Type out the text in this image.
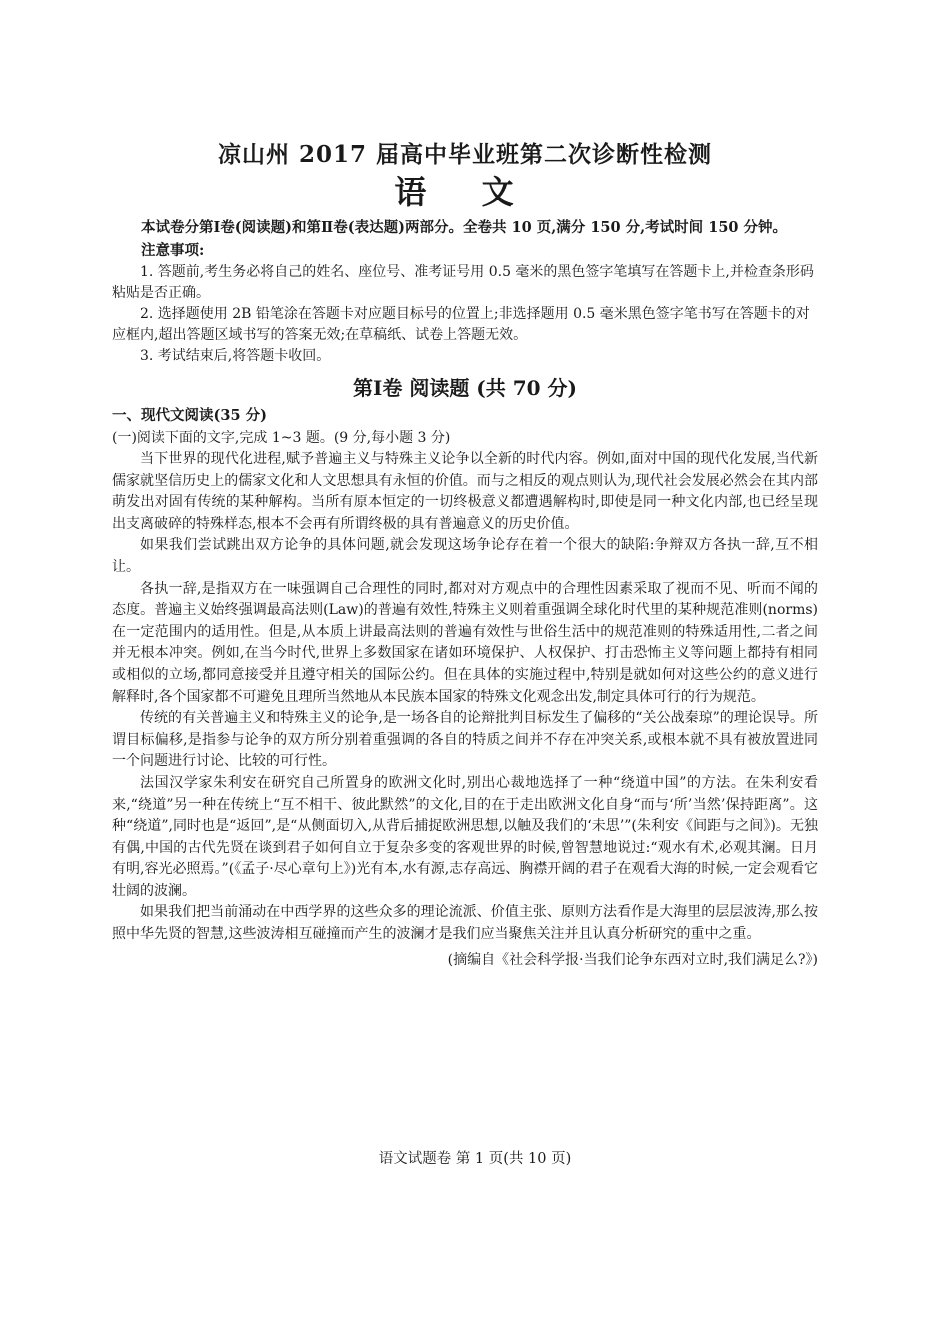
凉山州 2017 届高中毕业班第二次诊断性检测
语 文

本试卷分第Ⅰ卷(阅读题)和第Ⅱ卷(表达题)两部分。全卷共 10 页,满分 150 分,考试时间 150 分钟。

注意事项:

1. 答题前,考生务必将自己的姓名、座位号、准考证号用 0.5 毫米的黑色签字笔填写在答题卡上,并检查条形码粘贴是否正确。

2. 选择题使用 2B 铅笔涂在答题卡对应题目标号的位置上;非选择题用 0.5 毫米黑色签字笔书写在答题卡的对应框内,超出答题区域书写的答案无效;在草稿纸、试卷上答题无效。

3. 考试结束后,将答题卡收回。

第Ⅰ卷 阅读题 (共 70 分)

一、现代文阅读(35 分)

(一)阅读下面的文字,完成 1~3 题。(9 分,每小题 3 分)

当下世界的现代化进程,赋予普遍主义与特殊主义论争以全新的时代内容。例如,面对中国的现代化发展,当代新儒家就坚信历史上的儒家文化和人文思想具有永恒的价值。而与之相反的观点则认为,现代社会发展必然会在其内部萌发出对固有传统的某种解构。当所有原本恒定的一切终极意义都遭遇解构时,即使是同一种文化内部,也已经呈现出支离破碎的特殊样态,根本不会再有所谓终极的具有普遍意义的历史价值。

如果我们尝试跳出双方论争的具体问题,就会发现这场争论存在着一个很大的缺陷:争辩双方各执一辞,互不相让。

各执一辞,是指双方在一味强调自己合理性的同时,都对对方观点中的合理性因素采取了视而不见、听而不闻的态度。普遍主义始终强调最高法则(Law)的普遍有效性,特殊主义则着重强调全球化时代里的某种规范准则(norms)在一定范围内的适用性。但是,从本质上讲最高法则的普遍有效性与世俗生活中的规范准则的特殊适用性,二者之间并无根本冲突。例如,在当今时代,世界上多数国家在诸如环境保护、人权保护、打击恐怖主义等问题上都持有相同或相似的立场,都同意接受并且遵守相关的国际公约。但在具体的实施过程中,特别是就如何对这些公约的意义进行解释时,各个国家都不可避免且理所当然地从本民族本国家的特殊文化观念出发,制定具体可行的行为规范。

传统的有关普遍主义和特殊主义的论争,是一场各自的论辩批判目标发生了偏移的“关公战秦琼”的理论误导。所谓目标偏移,是指参与论争的双方所分别着重强调的各自的特质之间并不存在冲突关系,或根本就不具有被放置进同一个问题进行讨论、比较的可行性。

法国汉学家朱利安在研究自己所置身的欧洲文化时,别出心裁地选择了一种“绕道中国”的方法。在朱利安看来,“绕道”另一种在传统上“互不相干、彼此默然”的文化,目的在于走出欧洲文化自身“而与‘所’当然’保持距离”。这种“绕道”,同时也是“返回”,是“从侧面切入,从背后捕捉欧洲思想,以触及我们的‘未思’”(朱利安《间距与之间》)。无独有偶,中国的古代先贤在谈到君子如何自立于复杂多变的客观世界的时候,曾智慧地说过:“观水有术,必观其澜。日月有明,容光必照焉。”(《孟子·尽心章句上》)光有本,水有源,志存高远、胸襟开阔的君子在观看大海的时候,一定会观看它壮阔的波澜。

如果我们把当前涌动在中西学界的这些众多的理论流派、价值主张、原则方法看作是大海里的层层波涛,那么按照中华先贤的智慧,这些波涛相互碰撞而产生的波澜才是我们应当聚焦关注并且认真分析研究的重中之重。

(摘编自《社会科学报·当我们论争东西对立时,我们满足么?》)

语文试题卷 第 1 页(共 10 页)
